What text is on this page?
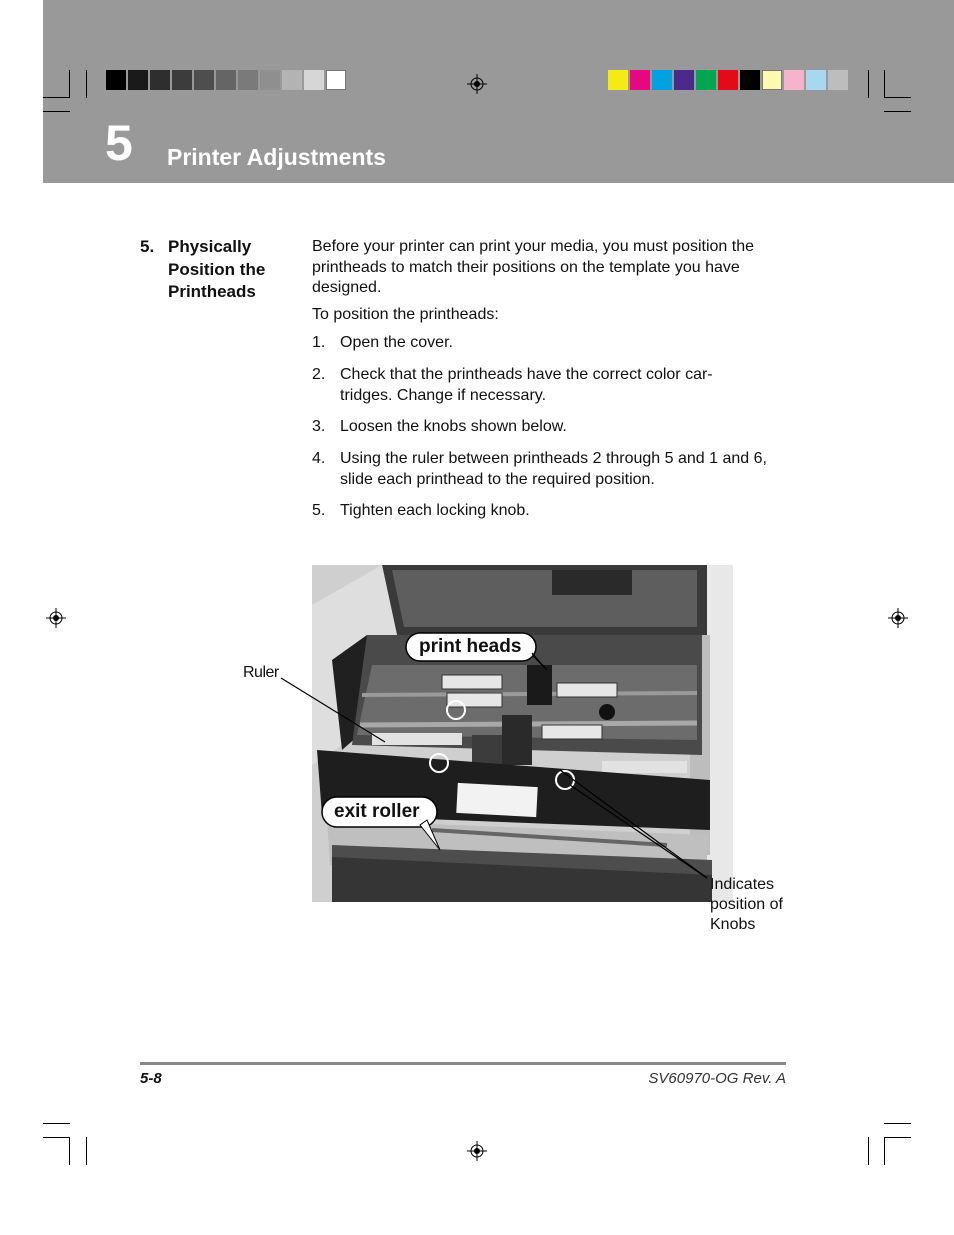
5 Printer Adjustments
5. Physically Position the Printheads
Before your printer can print your media, you must position the printheads to match their positions on the template you have designed.
To position the printheads:
1. Open the cover.
2. Check that the printheads have the correct color car-tridges. Change if necessary.
3. Loosen the knobs shown below.
4. Using the ruler between printheads 2 through 5 and 1 and 6, slide each printhead to the required position.
5. Tighten each locking knob.
print heads
exit roller
Ruler
Indicates position of Knobs
5-8	SV60970-OG Rev. A
